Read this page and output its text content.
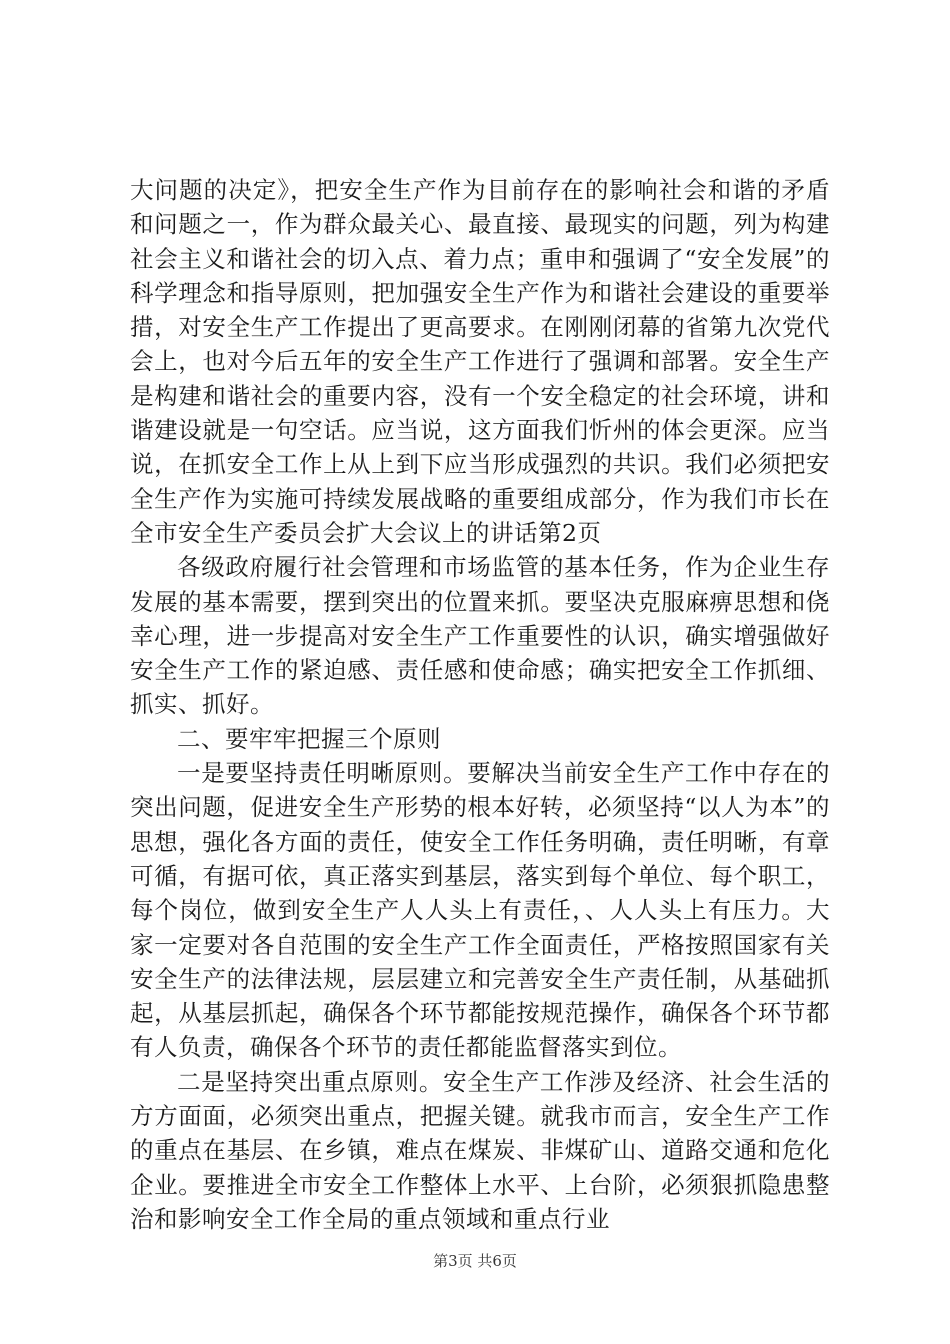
大问题的决定》，把安全生产作为目前存在的影响社会和谐的矛盾和问题之一，作为群众最关心、最直接、最现实的问题，列为构建社会主义和谐社会的切入点、着力点；重申和强调了“安全发展”的科学理念和指导原则，把加强安全生产作为和谐社会建设的重要举措，对安全生产工作提出了更高要求。在刚刚闭幕的省第九次党代会上，也对今后五年的安全生产工作进行了强调和部署。安全生产是构建和谐社会的重要内容，没有一个安全稳定的社会环境，讲和谐建设就是一句空话。应当说，这方面我们忻州的体会更深。应当说，在抓安全工作上从上到下应当形成强烈的共识。我们必须把安全生产作为实施可持续发展战略的重要组成部分，作为我们市长在全市安全生产委员会扩大会议上的讲话第2页

各级政府履行社会管理和市场监管的基本任务，作为企业生存发展的基本需要，摆到突出的位置来抓。要坚决克服麻痹思想和侥幸心理，进一步提高对安全生产工作重要性的认识，确实增强做好安全生产工作的紧迫感、责任感和使命感；确实把安全工作抓细、抓实、抓好。

二、要牢牢把握三个原则

一是要坚持责任明晰原则。要解决当前安全生产工作中存在的突出问题，促进安全生产形势的根本好转，必须坚持“以人为本”的思想，强化各方面的责任，使安全工作任务明确，责任明晰，有章可循，有据可依，真正落实到基层，落实到每个单位、每个职工，每个岗位，做到安全生产人人头上有责任，、人人头上有压力。大家一定要对各自范围的安全生产工作全面责任，严格按照国家有关安全生产的法律法规，层层建立和完善安全生产责任制，从基础抓起，从基层抓起，确保各个环节都能按规范操作，确保各个环节都有人负责，确保各个环节的责任都能监督落实到位。

二是坚持突出重点原则。安全生产工作涉及经济、社会生活的方方面面，必须突出重点，把握关键。就我市而言，安全生产工作的重点在基层、在乡镇，难点在煤炭、非煤矿山、道路交通和危化企业。要推进全市安全工作整体上水平、上台阶，必须狠抓隐患整治和影响安全工作全局的重点领域和重点行业

第3页 共6页
